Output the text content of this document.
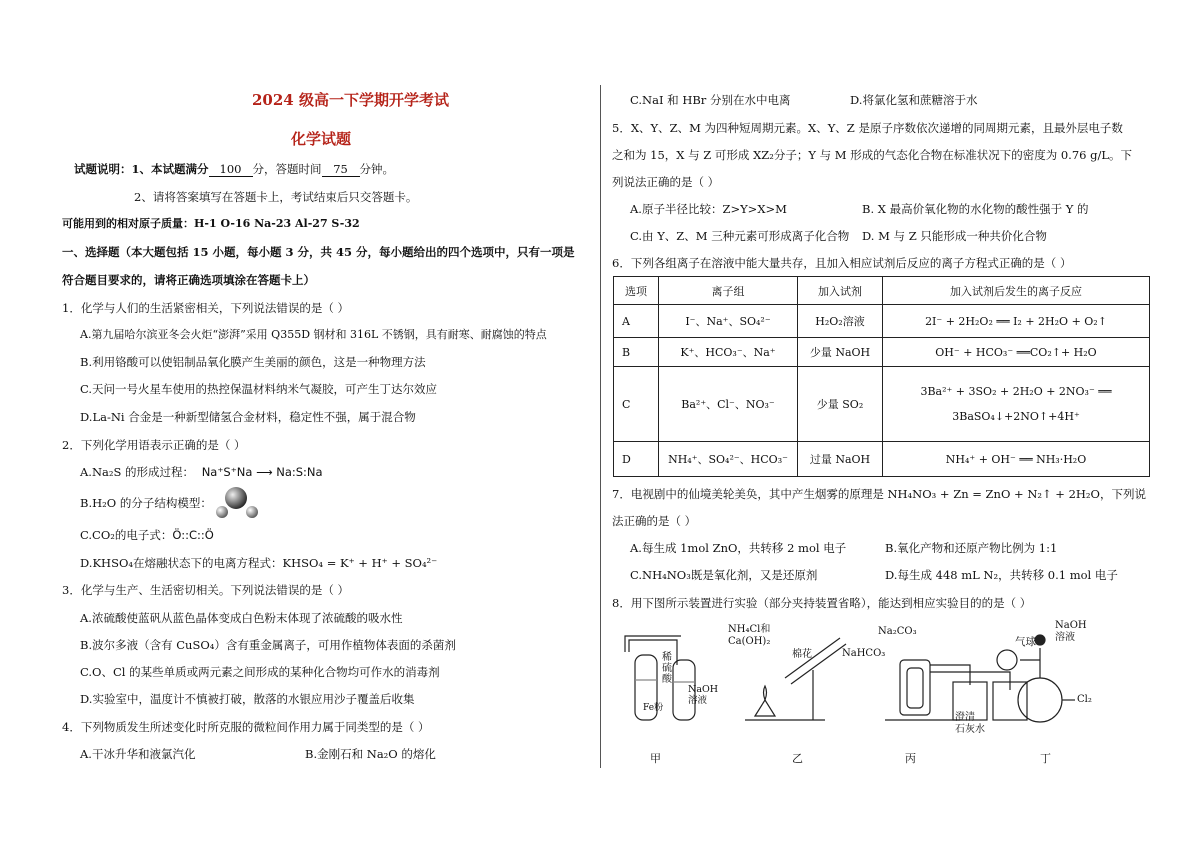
2024 级高一下学期开学考试
化学试题
试题说明：1、本试题满分 100 分，答题时间 75 分钟。
2、请将答案填写在答题卡上，考试结束后只交答题卡。
可能用到的相对原子质量：H-1 O-16 Na-23 Al-27 S-32
一、选择题（本大题包括 15 小题，每小题 3 分，共 45 分，每小题给出的四个选项中，只有一项是
符合题目要求的，请将正确选项填涂在答题卡上）
1．化学与人们的生活紧密相关，下列说法错误的是（ ）
A.第九届哈尔滨亚冬会火炬“澎湃”采用 Q355D 钢材和 316L 不锈钢，具有耐寒、耐腐蚀的特点
B.利用铬酸可以使铝制品氧化膜产生美丽的颜色，这是一种物理方法
C.天问一号火星车使用的热控保温材料纳米气凝胶，可产生丁达尔效应
D.La-Ni 合金是一种新型储氢合金材料，稳定性不强，属于混合物
2．下列化学用语表示正确的是（ ）
A.Na₂S 的形成过程： Na⁺S⁺Na ⟶ Na:S:Na
B.H₂O 的分子结构模型：
C.CO₂的电子式：Ö::C::Ö
D.KHSO₄在熔融状态下的电离方程式：KHSO₄ = K⁺ + H⁺ + SO₄²⁻
3．化学与生产、生活密切相关。下列说法错误的是（ ）
A.浓硫酸使蓝矾从蓝色晶体变成白色粉末体现了浓硫酸的吸水性
B.波尔多液（含有 CuSO₄）含有重金属离子，可用作植物体表面的杀菌剂
C.O、Cl 的某些单质或两元素之间形成的某种化合物均可作水的消毒剂
D.实验室中，温度计不慎被打破，散落的水银应用沙子覆盖后收集
4．下列物质发生所述变化时所克服的微粒间作用力属于同类型的是（ ）
A.干冰升华和液氯汽化	B.金刚石和 Na₂O 的熔化
C.NaI 和 HBr 分别在水中电离	D.将氯化氢和蔗糖溶于水
5．X、Y、Z、M 为四种短周期元素。X、Y、Z 是原子序数依次递增的同周期元素，且最外层电子数
之和为 15，X 与 Z 可形成 XZ₂分子；Y 与 M 形成的气态化合物在标准状况下的密度为 0.76 g/L。下
列说法正确的是（ ）
A.原子半径比较：Z>Y>X>M	B. X 最高价氧化物的水化物的酸性强于 Y 的
C.由 Y、Z、M 三种元素可形成离子化合物 D. M 与 Z 只能形成一种共价化合物
6．下列各组离子在溶液中能大量共存，且加入相应试剂后反应的离子方程式正确的是（ ）
选项	离子组	加入试剂	加入试剂后发生的离子反应
A	I⁻、Na⁺、SO₄²⁻	H₂O₂溶液	2I⁻ + 2H₂O₂ ══ I₂ + 2H₂O + O₂↑
B	K⁺、HCO₃⁻、Na⁺	少量 NaOH	OH⁻ + HCO₃⁻ ══CO₂↑+ H₂O
C	Ba²⁺、Cl⁻、NO₃⁻	少量 SO₂	3Ba²⁺ + 3SO₂ + 2H₂O + 2NO₃⁻ ══
3BaSO₄↓+2NO↑+4H⁺

D	NH₄⁺、SO₄²⁻、HCO₃⁻	过量 NaOH	NH₄⁺ + OH⁻ ══ NH₃·H₂O
7．电视剧中的仙境美轮美奂，其中产生烟雾的原理是 NH₄NO₃ + Zn = ZnO + N₂↑ + 2H₂O，下列说
法正确的是（ ）
A.每生成 1mol ZnO，共转移 2 mol 电子	B.氧化产物和还原产物比例为 1:1
C.NH₄NO₃既是氧化剂，又是还原剂	D.每生成 448 mL N₂，共转移 0.1 mol 电子
8．用下图所示装置进行实验（部分夹持装置省略），能达到相应实验目的的是（ ）
稀
硫
酸
Fe粉
NaOH
溶液
NH₄Cl和
Ca(OH)₂
棉花
Na₂CO₃
NaHCO₃
澄清
石灰水
气球
NaOH
溶液
Cl₂
甲	乙	丙	丁
